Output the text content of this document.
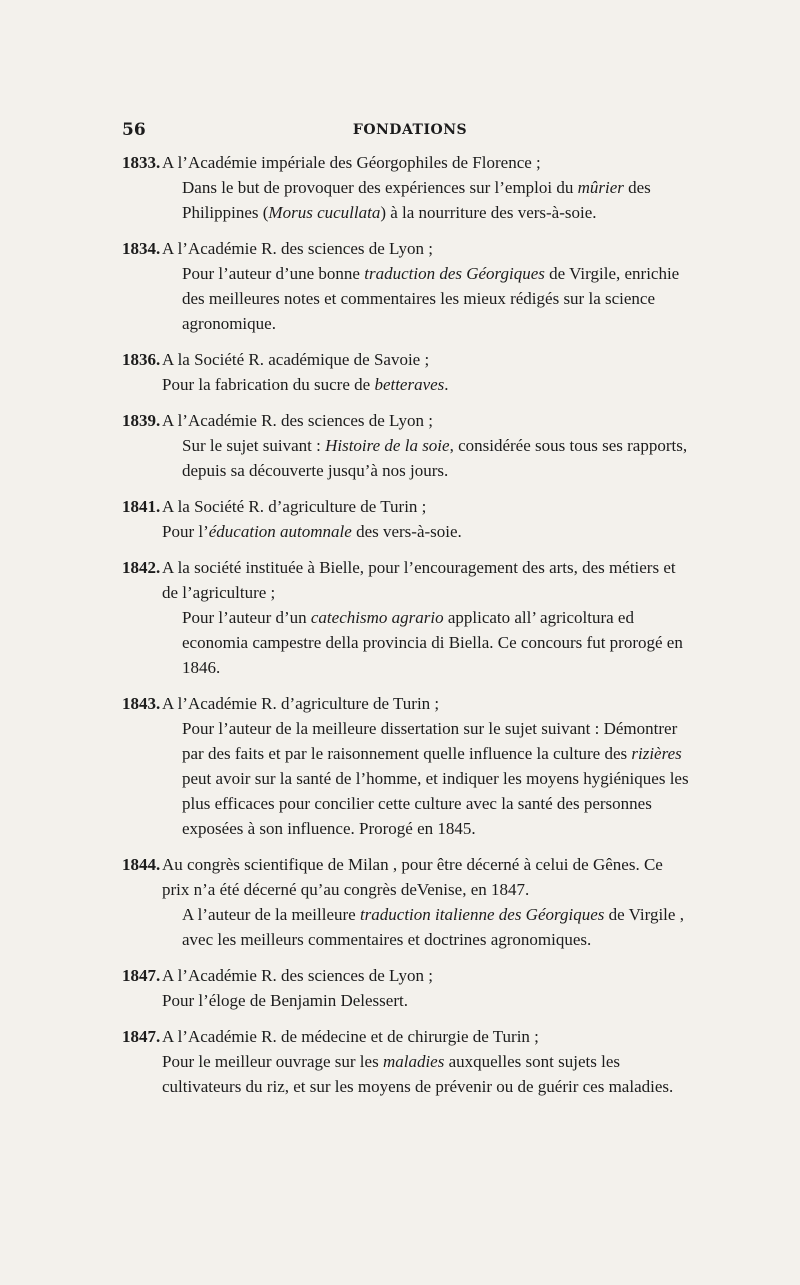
56	FONDATIONS
1833. A l’Académie impériale des Géorgophiles de Florence ;
Dans le but de provoquer des expériences sur l’emploi du mûrier des Philippines (Morus cucullata) à la nourriture des vers-à-soie.
1834. A l’Académie R. des sciences de Lyon ;
Pour l’auteur d’une bonne traduction des Géorgiques de Virgile, enrichie des meilleures notes et commentaires les mieux rédigés sur la science agronomique.
1836. A la Société R. académique de Savoie ;
Pour la fabrication du sucre de betteraves.
1839. A l’Académie R. des sciences de Lyon ;
Sur le sujet suivant : Histoire de la soie, considérée sous tous ses rapports, depuis sa découverte jusqu’à nos jours.
1841. A la Société R. d’agriculture de Turin ;
Pour l’éducation automnale des vers-à-soie.
1842. A la société instituée à Bielle, pour l’encouragement des arts, des métiers et de l’agriculture ;
Pour l’auteur d’un catechismo agrario applicato all’ agricoltura ed economia campestre della provincia di Biella. Ce concours fut prorogé en 1846.
1843. A l’Académie R. d’agriculture de Turin ;
Pour l’auteur de la meilleure dissertation sur le sujet suivant : Démontrer par des faits et par le raisonnement quelle influence la culture des rizières peut avoir sur la santé de l’homme, et indiquer les moyens hygiéniques les plus efficaces pour concilier cette culture avec la santé des personnes exposées à son influence. Prorogé en 1845.
1844. Au congrès scientifique de Milan , pour être décerné à celui de Gênes. Ce prix n’a été décerné qu’au congrès deVenise, en 1847.
A l’auteur de la meilleure traduction italienne des Géorgiques de Virgile , avec les meilleurs commentaires et doctrines agronomiques.
1847. A l’Académie R. des sciences de Lyon ;
Pour l’éloge de Benjamin Delessert.
1847. A l’Académie R. de médecine et de chirurgie de Turin ;
Pour le meilleur ouvrage sur les maladies auxquelles sont sujets les cultivateurs du riz, et sur les moyens de prévenir ou de guérir ces maladies.
